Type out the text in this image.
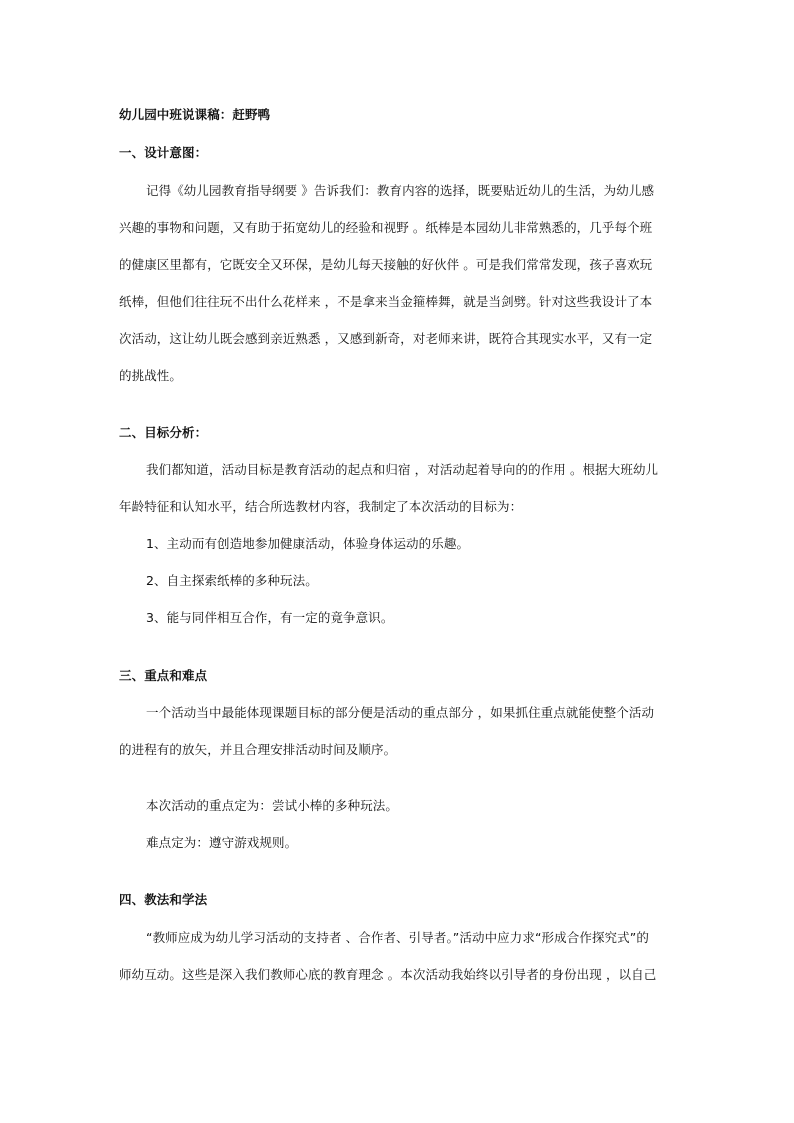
幼儿园中班说课稿：赶野鸭
一、设计意图：
记得《幼儿园教育指导纲要 》告诉我们：教育内容的选择，既要贴近幼儿的生活，为幼儿感
兴趣的事物和问题，又有助于拓宽幼儿的经验和视野 。纸棒是本园幼儿非常熟悉的，几乎每个班
的健康区里都有，它既安全又环保，是幼儿每天接触的好伙伴 。可是我们常常发现，孩子喜欢玩
纸棒，但他们往往玩不出什么花样来 ，不是拿来当金箍棒舞，就是当剑劈。针对这些我设计了本
次活动，这让幼儿既会感到亲近熟悉 ，又感到新奇，对老师来讲，既符合其现实水平，又有一定
的挑战性。
二、目标分析：
我们都知道，活动目标是教育活动的起点和归宿 ，对活动起着导向的的作用 。根据大班幼儿
年龄特征和认知水平，结合所选教材内容，我制定了本次活动的目标为：
1、主动而有创造地参加健康活动，体验身体运动的乐趣。
2、自主探索纸棒的多种玩法。
3、能与同伴相互合作，有一定的竟争意识。
三、重点和难点
一个活动当中最能体现课题目标的部分便是活动的重点部分 ，如果抓住重点就能使整个活动
的进程有的放矢，并且合理安排活动时间及顺序。
本次活动的重点定为：尝试小棒的多种玩法。
难点定为：遵守游戏规则。
四、教法和学法
“教师应成为幼儿学习活动的支持者 、合作者、引导者。”活动中应力求“形成合作探究式”的
师幼互动。这些是深入我们教师心底的教育理念 。本次活动我始终以引导者的身份出现 ，以自己
